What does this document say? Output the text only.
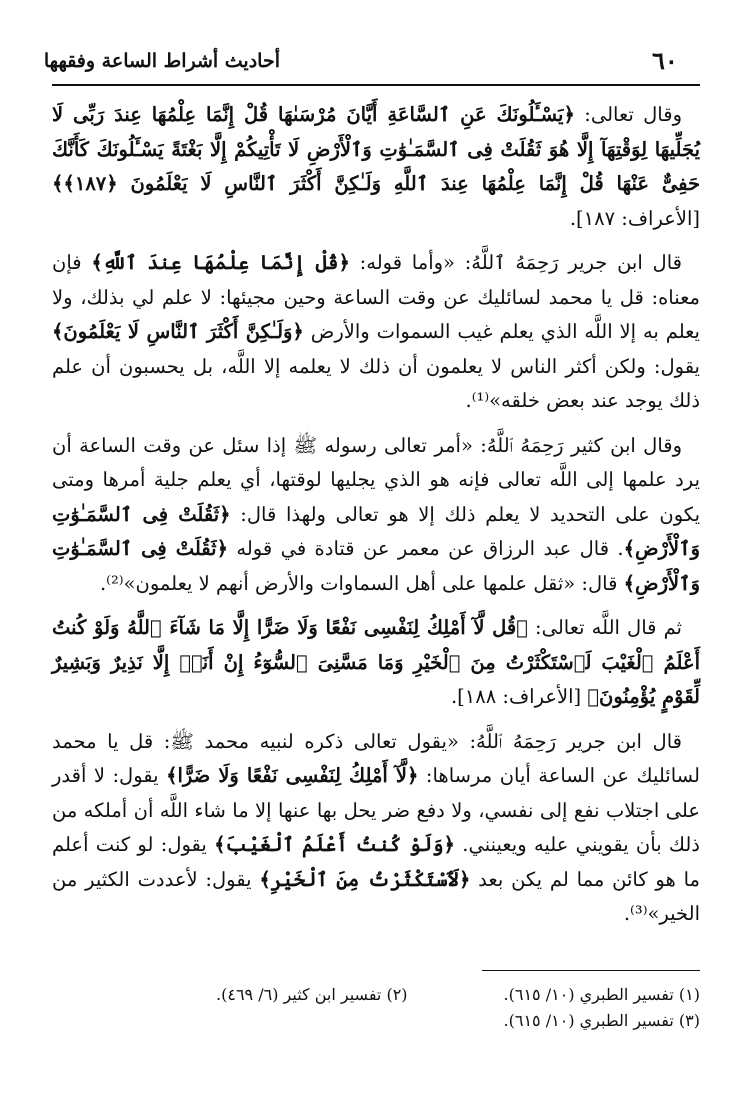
أحاديث أشراط الساعة وفقهها	٦٠

وقال تعالى: ﴿يَسْـَٔلُونَكَ عَنِ ٱلسَّاعَةِ أَيَّانَ مُرْسَىٰهَا قُلْ إِنَّمَا عِلْمُهَا عِندَ رَبِّى لَا يُجَلِّيهَا لِوَقْتِهَآ إِلَّا هُوَ ثَقُلَتْ فِى ٱلسَّمَـٰوَٰتِ وَٱلْأَرْضِ لَا تَأْتِيكُمْ إِلَّا بَغْتَةً يَسْـَٔلُونَكَ كَأَنَّكَ حَفِىٌّ عَنْهَا قُلْ إِنَّمَا عِلْمُهَا عِندَ ٱللَّهِ وَلَـٰكِنَّ أَكْثَرَ ٱلنَّاسِ لَا يَعْلَمُونَ ﴿١٨٧﴾﴾ [الأعراف: ١٨٧].

قال ابن جرير رَحِمَهُ ٱللَّهُ: «وأما قوله: ﴿قُلْ إِنَّمَا عِلْمُهَا عِندَ ٱللَّهِ﴾ فإن معناه: قل يا محمد لسائليك عن وقت الساعة وحين مجيئها: لا علم لي بذلك، ولا يعلم به إلا اللَّه الذي يعلم غيب السموات والأرض ﴿وَلَـٰكِنَّ أَكْثَرَ ٱلنَّاسِ لَا يَعْلَمُونَ﴾ يقول: ولكن أكثر الناس لا يعلمون أن ذلك لا يعلمه إلا اللَّه، بل يحسبون أن علم ذلك يوجد عند بعض خلقه»⁽¹⁾.

وقال ابن كثير رَحِمَهُ ٱللَّهُ: «أمر تعالى رسوله ﷺ إذا سئل عن وقت الساعة أن يرد علمها إلى اللَّه تعالى فإنه هو الذي يجليها لوقتها، أي يعلم جلية أمرها ومتى يكون على التحديد لا يعلم ذلك إلا هو تعالى ولهذا قال: ﴿ثَقُلَتْ فِى ٱلسَّمَـٰوَٰتِ وَٱلْأَرْضِ﴾. قال عبد الرزاق عن معمر عن قتادة في قوله ﴿ثَقُلَتْ فِى ٱلسَّمَـٰوَٰتِ وَٱلْأَرْضِ﴾ قال: «ثقل علمها على أهل السماوات والأرض أنهم لا يعلمون»⁽²⁾.

ثم قال اللَّه تعالى: ﴿قُل لَّآ أَمْلِكُ لِنَفْسِى نَفْعًا وَلَا ضَرًّا إِلَّا مَا شَآءَ ٱللَّهُ وَلَوْ كُنتُ أَعْلَمُ ٱلْغَيْبَ لَٱسْتَكْثَرْتُ مِنَ ٱلْخَيْرِ وَمَا مَسَّنِىَ ٱلسُّوٓءُ إِنْ أَنَا۠ إِلَّا نَذِيرٌ وَبَشِيرٌ لِّقَوْمٍ يُؤْمِنُونَ﴾ [الأعراف: ١٨٨].

قال ابن جرير رَحِمَهُ ٱللَّهُ: «يقول تعالى ذكره لنبيه محمد ﷺ: قل يا محمد لسائليك عن الساعة أيان مرساها: ﴿لَّآ أَمْلِكُ لِنَفْسِى نَفْعًا وَلَا ضَرًّا﴾ يقول: لا أقدر على اجتلاب نفع إلى نفسي، ولا دفع ضر يحل بها عنها إلا ما شاء اللَّه أن أملكه من ذلك بأن يقويني عليه ويعينني. ﴿وَلَوْ كُنتُ أَعْلَمُ ٱلْغَيْبَ﴾ يقول: لو كنت أعلم ما هو كائن مما لم يكن بعد ﴿لَٱسْتَكْثَرْتُ مِنَ ٱلْخَيْرِ﴾ يقول: لأعددت الكثير من الخير»⁽³⁾.

(١) تفسير الطبري (١٠/ ٦١٥).
(٢) تفسير ابن كثير (٦/ ٤٦٩).
(٣) تفسير الطبري (١٠/ ٦١٥).
